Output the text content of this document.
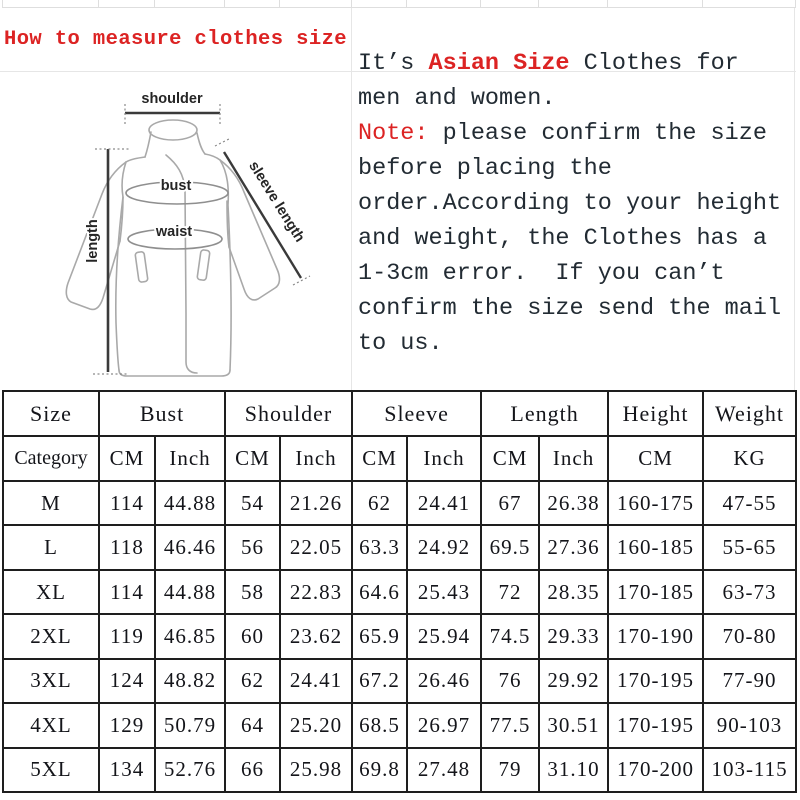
How to measure clothes size
shoulder
bust
waist
length	sleeve length
It’s Asian Size Clothes for
men and women.
Note: please confirm the size
before placing the
order.According to your height
and weight, the Clothes has a
1-3cm error.  If you can’t
confirm the size send the mail
to us.
Size	Bust		Shoulder		Sleeve		Length		Height	Weight
Category	CM	Inch	CM	Inch	CM	Inch	CM	Inch	CM	KG
M	114	44.88	54	21.26	62	24.41	67	26.38	160-175	47-55
L	118	46.46	56	22.05	63.3	24.92	69.5	27.36	160-185	55-65
XL	114	44.88	58	22.83	64.6	25.43	72	28.35	170-185	63-73
2XL	119	46.85	60	23.62	65.9	25.94	74.5	29.33	170-190	70-80
3XL	124	48.82	62	24.41	67.2	26.46	76	29.92	170-195	77-90
4XL	129	50.79	64	25.20	68.5	26.97	77.5	30.51	170-195	90-103
5XL	134	52.76	66	25.98	69.8	27.48	79	31.10	170-200	103-115
